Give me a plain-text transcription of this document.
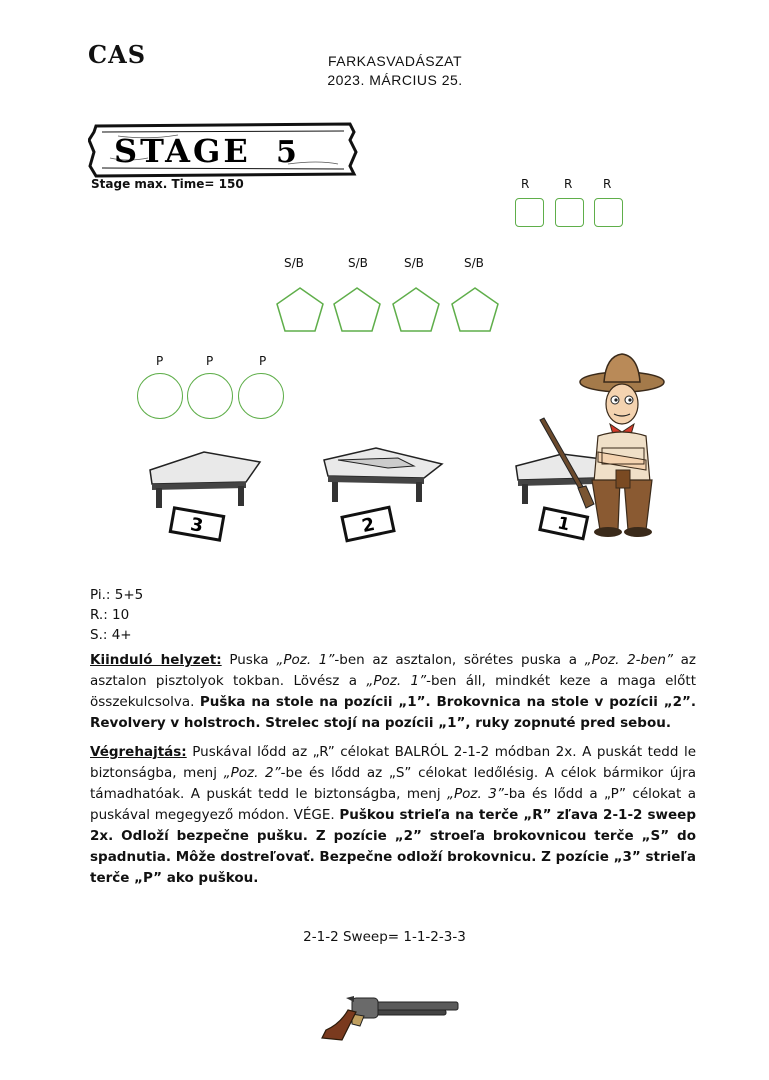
CAS	FARKASVADÁSZAT
2023. MÁRCIUS 25.
STAGE 5
Stage max. Time= 150	R	R	R
S/B	S/B	S/B	S/B
P	P	P
3	2	1
Pi.: 5+5
R.: 10
S.: 4+
Kiinduló helyzet: Puska „Poz. 1”-ben az asztalon, sörétes puska a „Poz. 2-ben” az asztalon pisztolyok tokban. Lövész a „Poz. 1”-ben áll, mindkét keze a maga előtt összekulcsolva. Puška na stole na pozícii „1”. Brokovnica na stole v pozícii „2”. Revolvery v holstroch. Strelec stojí na pozícii „1”, ruky zopnuté pred sebou.
Végrehajtás: Puskával lődd az „R” célokat BALRÓL 2-1-2 módban 2x. A puskát tedd le biztonságba, menj „Poz. 2”-be és lődd az „S” célokat ledőlésig. A célok bármikor újra támadhatóak. A puskát tedd le biztonságba, menj „Poz. 3”-ba és lődd a „P” célokat a puskával megegyező módon. VÉGE. Puškou strieľa na terče „R” zľava 2-1-2 sweep 2x. Odloží bezpečne pušku. Z pozície „2” stroeľa brokovnicou terče „S” do spadnutia. Môže dostreľovať. Bezpečne odloží brokovnicu. Z pozície „3” strieľa terče „P” ako puškou.
2-1-2 Sweep= 1-1-2-3-3
